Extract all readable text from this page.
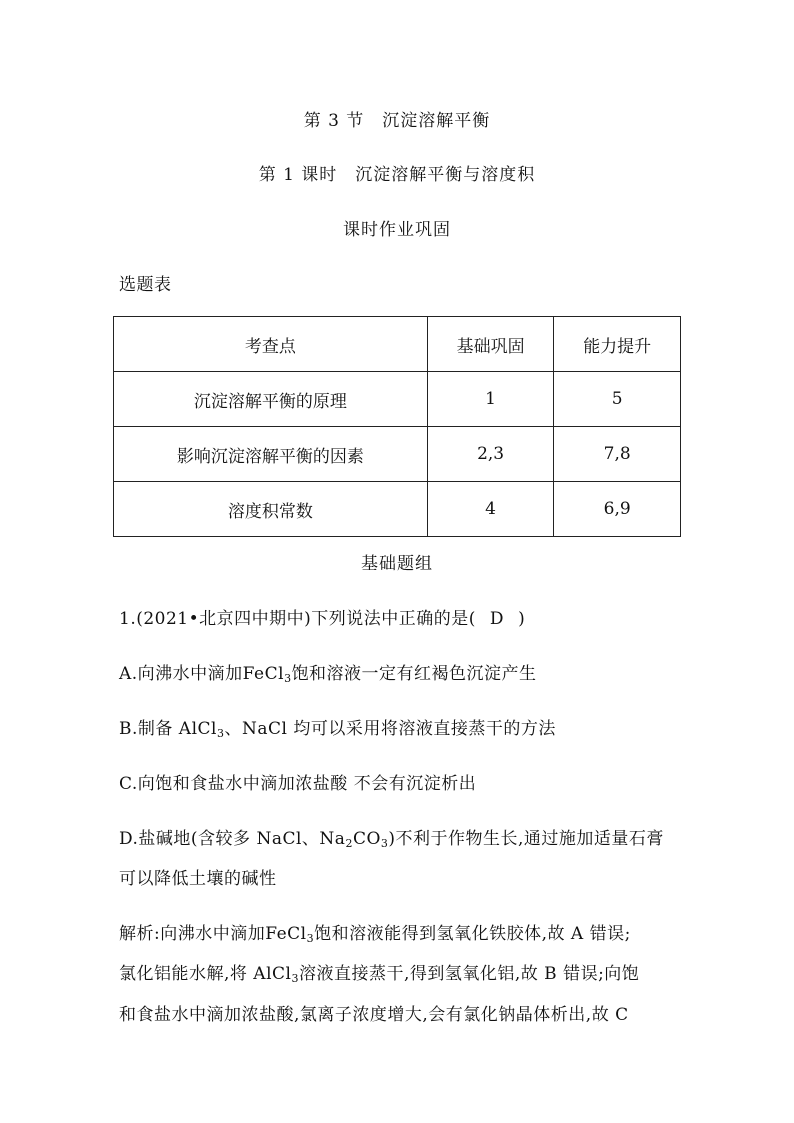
第 3 节　沉淀溶解平衡
第 1 课时　沉淀溶解平衡与溶度积
课时作业巩固
选题表
考查点	基础巩固	能力提升
沉淀溶解平衡的原理	1	5
影响沉淀溶解平衡的因素	2,3	7,8
溶度积常数	4	6,9
基础题组
1.(2021•北京四中期中)下列说法中正确的是( D )
A.向沸水中滴加FeCl$_3$饱和溶液一定有红褐色沉淀产生
B.制备 AlCl$_3$、NaCl 均可以采用将溶液直接蒸干的方法
C.向饱和食盐水中滴加浓盐酸 不会有沉淀析出
D.盐碱地(含较多 NaCl、$Na_2CO_3$)不利于作物生长,通过施加适量石膏
可以降低土壤的碱性
解析:向沸水中滴加FeCl$_3$饱和溶液能得到氢氧化铁胶体,故 A 错误;
氯化铝能水解,将 AlCl$_3$溶液直接蒸干,得到氢氧化铝,故 B 错误;向饱
和食盐水中滴加浓盐酸,氯离子浓度增大,会有氯化钠晶体析出,故 C
